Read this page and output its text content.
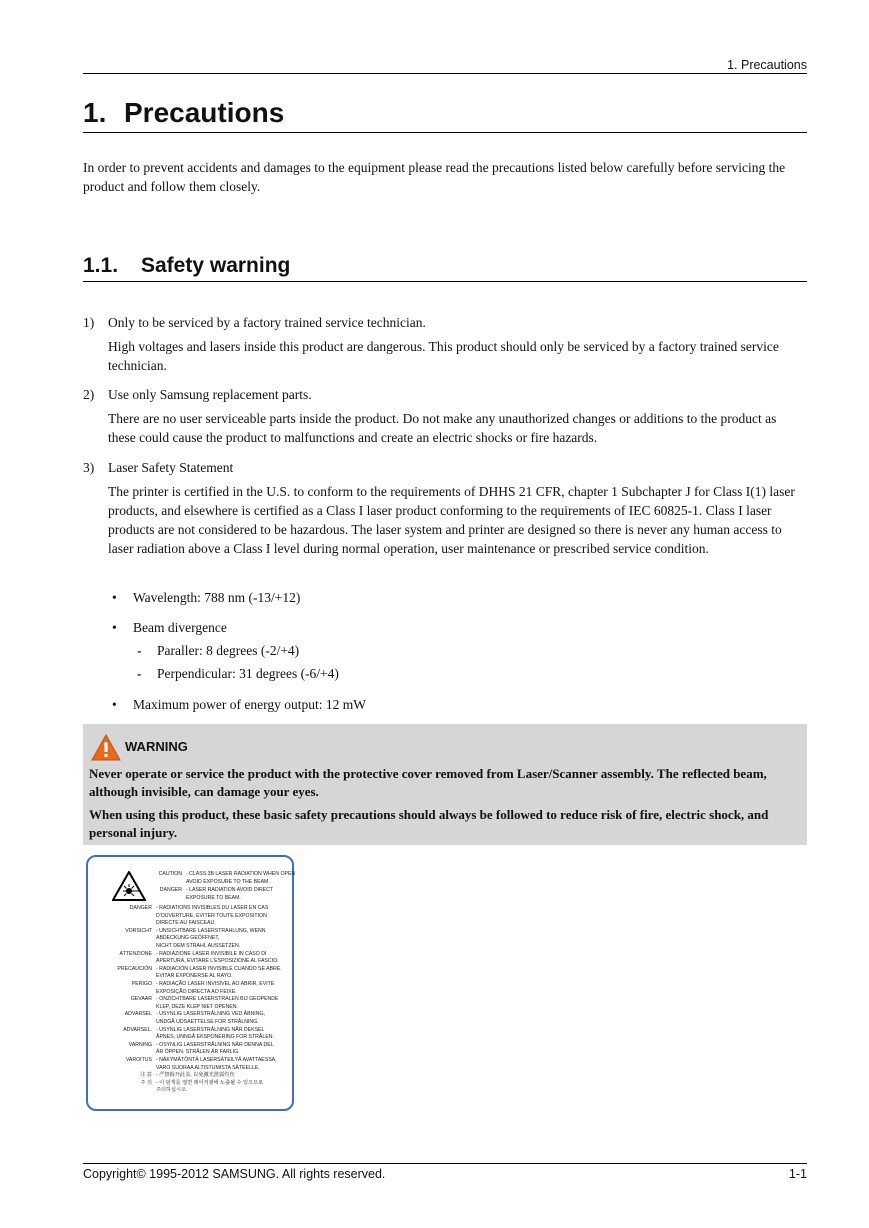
1. Precautions
1. Precautions
In order to prevent accidents and damages to the equipment please read the precautions listed below carefully before servicing the product and follow them closely.
1.1. Safety warning
1) Only to be serviced by a factory trained service technician.
High voltages and lasers inside this product are dangerous. This product should only be serviced by a factory trained service technician.
2) Use only Samsung replacement parts.
There are no user serviceable parts inside the product. Do not make any unauthorized changes or additions to the product as these could cause the product to malfunctions and create an electric shocks or fire hazards.
3) Laser Safety Statement
The printer is certified in the U.S. to conform to the requirements of DHHS 21 CFR, chapter 1 Subchapter J for Class I(1) laser products, and elsewhere is certified as a Class I laser product conforming to the requirements of IEC 60825-1. Class I laser products are not considered to be hazardous. The laser system and printer are designed so there is never any human access to laser radiation above a Class I level during normal operation, user maintenance or prescribed service condition.
• Wavelength: 788 nm (-13/+12)
• Beam divergence
- Paraller: 8 degrees (-2/+4)
- Perpendicular: 31 degrees (-6/+4)
• Maximum power of energy output: 12 mW
WARNING
Never operate or service the product with the protective cover removed from Laser/Scanner assembly. The reflected beam, although invisible, can damage your eyes.
When using this product, these basic safety precautions should always be followed to reduce risk of fire, electric shock, and personal injury.
CAUTION - CLASS 3B LASER RADIATION WHEN OPEN
AVOID EXPOSURE TO THE BEAM.
DANGER - LASER RADIATION AVOID DIRECT
EXPOSURE TO BEAM.
DANGER - RADIATIONS INVISIBLES DU LASER EN CAS
D'OUVERTURE, EVITER TOUTE EXPOSITION
DIRECTE AU FAISCEAU.
VORSICHT - UNSICHTBARE LASERSTRAHLUNG, WENN
ABDECKUNG GEÖFFNET,
NICHT DEM STRAHL AUSSETZEN.
ATTENZIONE - RADIAZIONE LASER INVISIBILE IN CASO DI
APERTURA, EVITARE L'ESPOSIZIONE AL FASCIO.
PRECAUCIÓN - RADIACIÓN LASER INVISIBLE CUANDO SE ABRE.
EVITAR EXPONERSE AL RAYO.
PERIGO - RADIAÇÃO LASER INVISÍVEL AO ABRIR, EVITE
EXPOSIÇÃO DIRECTA AO FEIXE.
GEVAAR - ONZICHTBARE LASERSTRALEN BIJ GEOPENDE
KLEP, DEZE KLEP NIET OPENEN.
ADVARSEL - USYNLIG LASERSTRÅLNING VED ÅBNING,
UNDGÅ UDSAETTELSE FOR STRÅLNING.
ADVARSEL. - USYNLIG LASERSTRÅLNING NÅR DEKSEL
ÅPNES, UNNGÅ EKSPONERING FOR STRÅLEN.
VARNING - OSYNLIG LASERSTRÅLNING NÄR DENNA DEL
ÄR ÖPPEN. STRÅLEN ÄR FARLIG.
VAROITUS - NÄKYMÄTÖNTÄ LASERSÄTEILYÄ AVATTAESSA,
VARO SUORAA ALTISTUMISTA SÄTEELLE.
注 意 - 严禁揭开此盖, 以免激光泄露灼伤
주 의 - 이 덮개를 열면 레이저광에 노출될 수 있으므로
주의하십시오.
Copyright© 1995-2012 SAMSUNG. All rights reserved.	1-1
